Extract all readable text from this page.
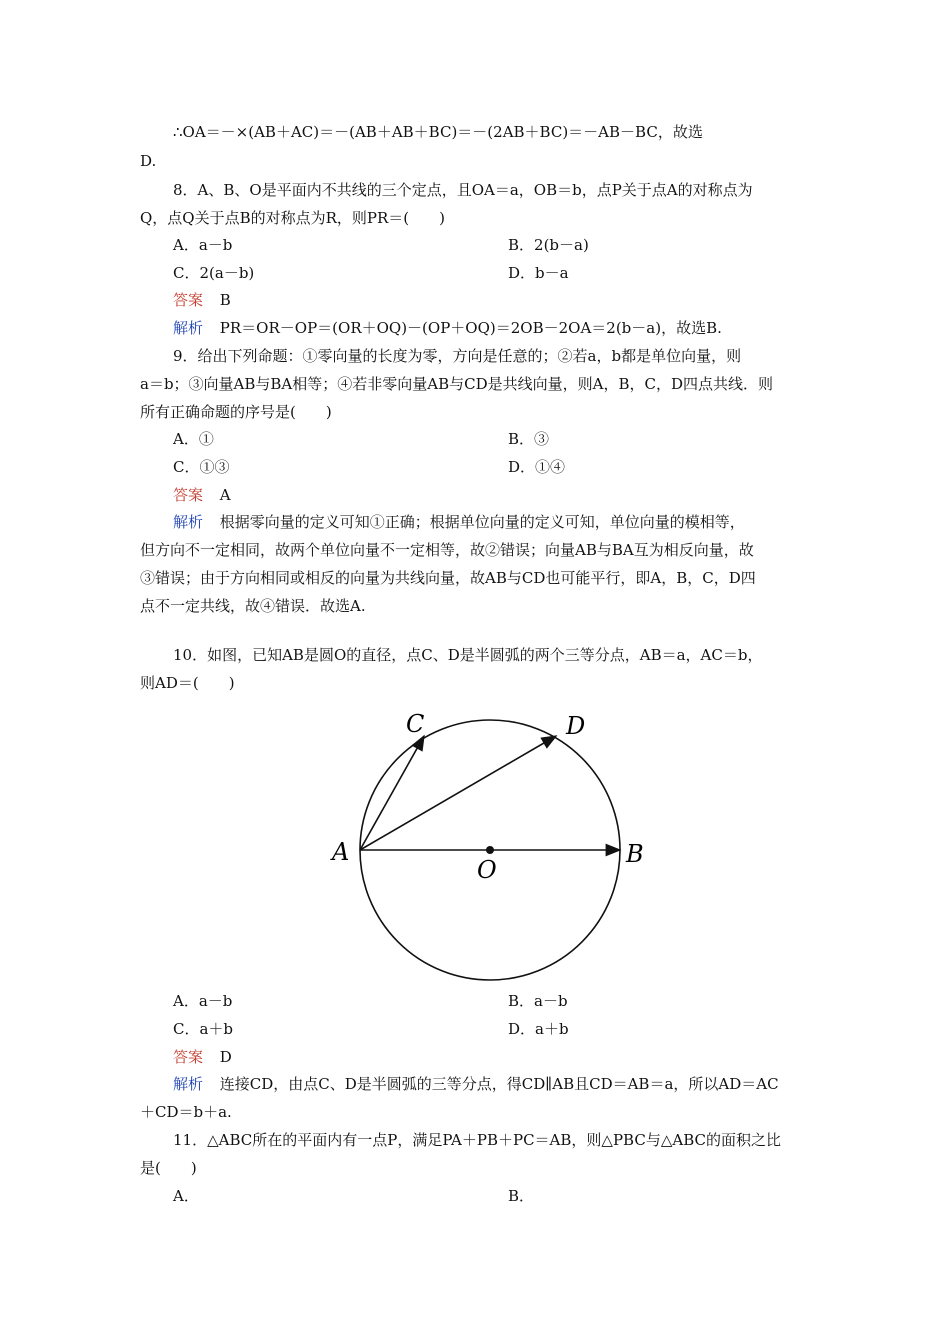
∴OA＝－×(AB＋AC)＝－(AB＋AB＋BC)＝－(2AB＋BC)＝－AB－BC，故选
D.
8．A、B、O是平面内不共线的三个定点，且OA＝a，OB＝b，点P关于点A的对称点为
Q，点Q关于点B的对称点为R，则PR＝(　　)
A．a－b	B．2(b－a)
C．2(a－b)	D．b－a
答案 B
解析 PR＝OR－OP＝(OR＋OQ)－(OP＋OQ)＝2OB－2OA＝2(b－a)，故选B.
9．给出下列命题：①零向量的长度为零，方向是任意的；②若a，b都是单位向量，则
a＝b；③向量AB与BA相等；④若非零向量AB与CD是共线向量，则A，B，C，D四点共线．则
所有正确命题的序号是(　　)
A．①	B．③
C．①③	D．①④
答案 A
解析 根据零向量的定义可知①正确；根据单位向量的定义可知，单位向量的模相等，
但方向不一定相同，故两个单位向量不一定相等，故②错误；向量AB与BA互为相反向量，故
③错误；由于方向相同或相反的向量为共线向量，故AB与CD也可能平行，即A，B，C，D四
点不一定共线，故④错误．故选A.
10．如图，已知AB是圆O的直径，点C、D是半圆弧的两个三等分点，AB＝a，AC＝b，
则AD＝(　　)
C	D
A	B
O
A．a－b	B．a－b
C．a＋b	D．a＋b
答案 D
解析 连接CD，由点C、D是半圆弧的三等分点，得CD∥AB且CD＝AB＝a，所以AD＝AC
＋CD＝b＋a.
11．△ABC所在的平面内有一点P，满足PA＋PB＋PC＝AB，则△PBC与△ABC的面积之比
是(　　)
A．	B．
